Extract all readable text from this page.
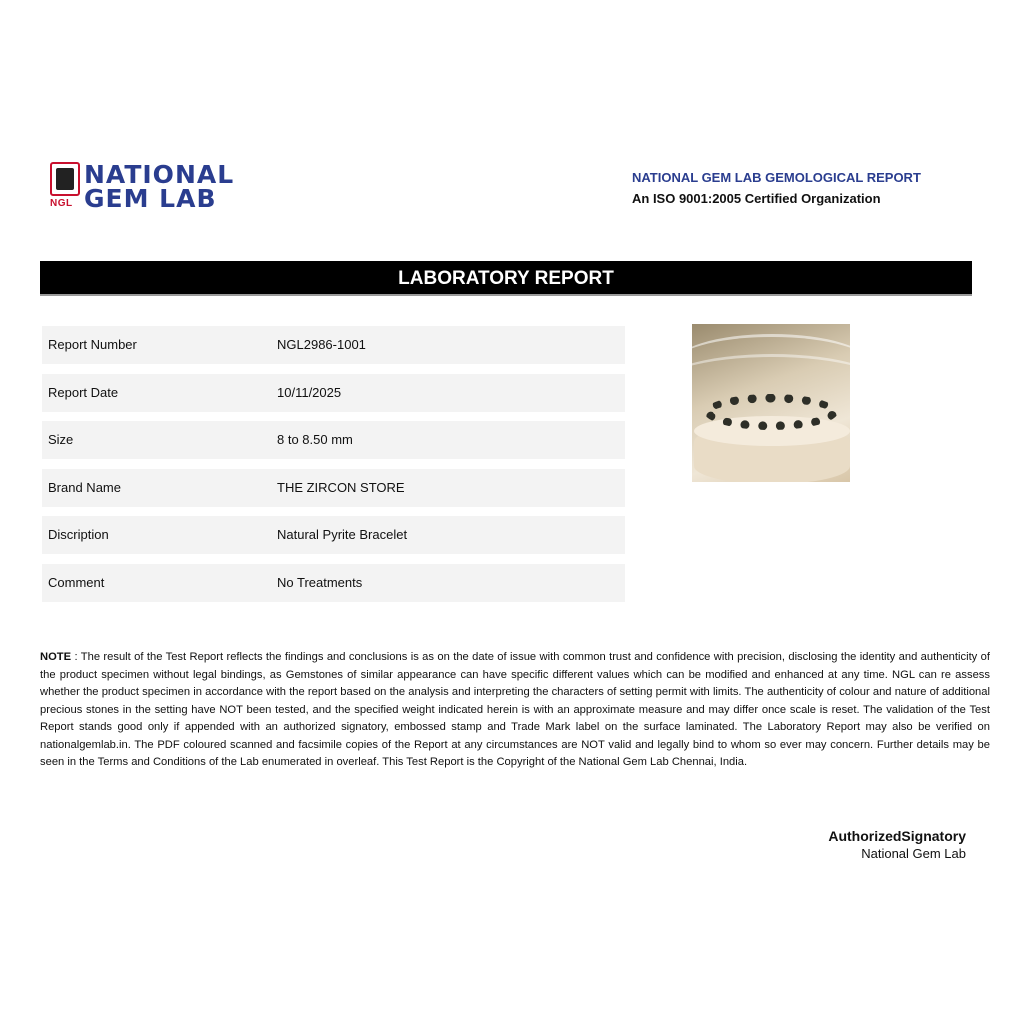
NGL
NATIONAL
GEM LAB
NATIONAL GEM LAB GEMOLOGICAL REPORT
An ISO 9001:2005 Certified Organization
LABORATORY REPORT
Report Number	NGL2986-1001
Report Date	10/11/2025
Size	8 to 8.50 mm
Brand Name	THE ZIRCON STORE
Discription	Natural Pyrite Bracelet
Comment	No Treatments
NOTE : The result of the Test Report reflects the findings and conclusions is as on the date of issue with common trust and confidence with precision, disclosing the identity and authenticity of the product specimen without legal bindings, as Gemstones of similar appearance can have specific different values which can be modified and enhanced at any time. NGL can re assess whether the product specimen in accordance with the report based on the analysis and interpreting the characters of setting permit with limits. The authenticity of colour and nature of additional precious stones in the setting have NOT been tested, and the specified weight indicated herein is with an approximate measure and may differ once scale is reset. The validation of the Test Report stands good only if appended with an authorized signatory, embossed stamp and Trade Mark label on the surface laminated. The Laboratory Report may also be verified on nationalgemlab.in. The PDF coloured scanned and facsimile copies of the Report at any circumstances are NOT valid and legally bind to whom so ever may concern. Further details may be seen in the Terms and Conditions of the Lab enumerated in overleaf. This Test Report is the Copyright of the National Gem Lab Chennai, India.
AuthorizedSignatory
National Gem Lab
